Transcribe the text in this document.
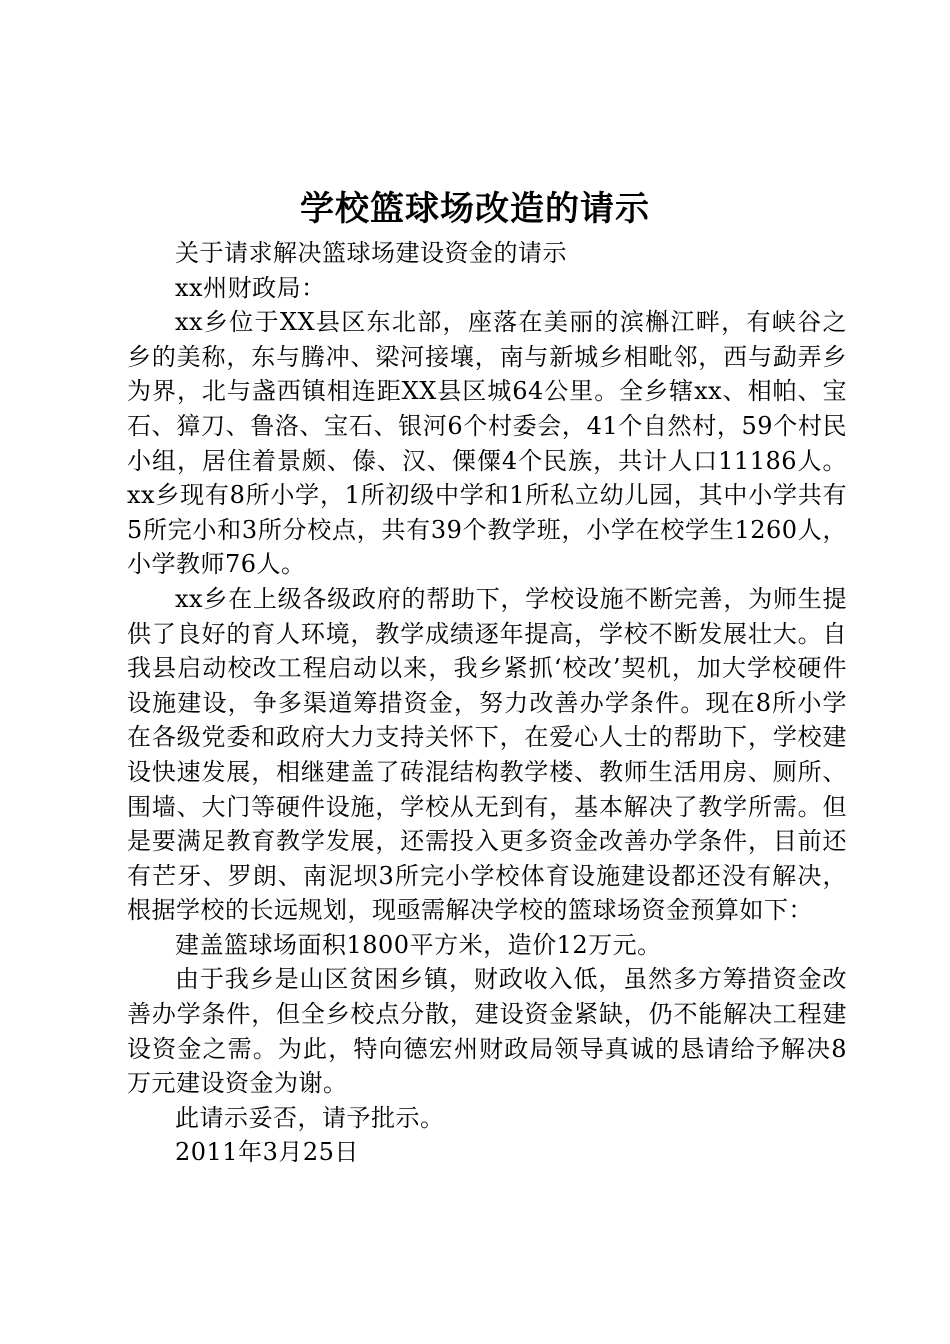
学校篮球场改造的请示

关于请求解决篮球场建设资金的请示

xx州财政局：

xx乡位于XX县区东北部，座落在美丽的滨槲江畔，有峡谷之乡的美称，东与腾冲、梁河接壤，南与新城乡相毗邻，西与勐弄乡为界，北与盏西镇相连距XX县区城64公里。全乡辖xx、相帕、宝石、獐刀、鲁洛、宝石、银河6个村委会，41个自然村，59个村民小组，居住着景颇、傣、汉、傈僳4个民族，共计人口11186人。xx乡现有8所小学，1所初级中学和1所私立幼儿园，其中小学共有5所完小和3所分校点，共有39个教学班，小学在校学生1260人，小学教师76人。

xx乡在上级各级政府的帮助下，学校设施不断完善，为师生提供了良好的育人环境，教学成绩逐年提高，学校不断发展壮大。自我县启动校改工程启动以来，我乡紧抓‘校改’契机，加大学校硬件设施建设，争多渠道筹措资金，努力改善办学条件。现在8所小学在各级党委和政府大力支持关怀下，在爱心人士的帮助下，学校建设快速发展，相继建盖了砖混结构教学楼、教师生活用房、厕所、围墙、大门等硬件设施，学校从无到有，基本解决了教学所需。但是要满足教育教学发展，还需投入更多资金改善办学条件，目前还有芒牙、罗朗、南泥坝3所完小学校体育设施建设都还没有解决，根据学校的长远规划，现亟需解决学校的篮球场资金预算如下：

建盖篮球场面积1800平方米，造价12万元。

由于我乡是山区贫困乡镇，财政收入低，虽然多方筹措资金改善办学条件，但全乡校点分散，建设资金紧缺，仍不能解决工程建设资金之需。为此，特向德宏州财政局领导真诚的恳请给予解决8万元建设资金为谢。

此请示妥否，请予批示。

2011年3月25日
